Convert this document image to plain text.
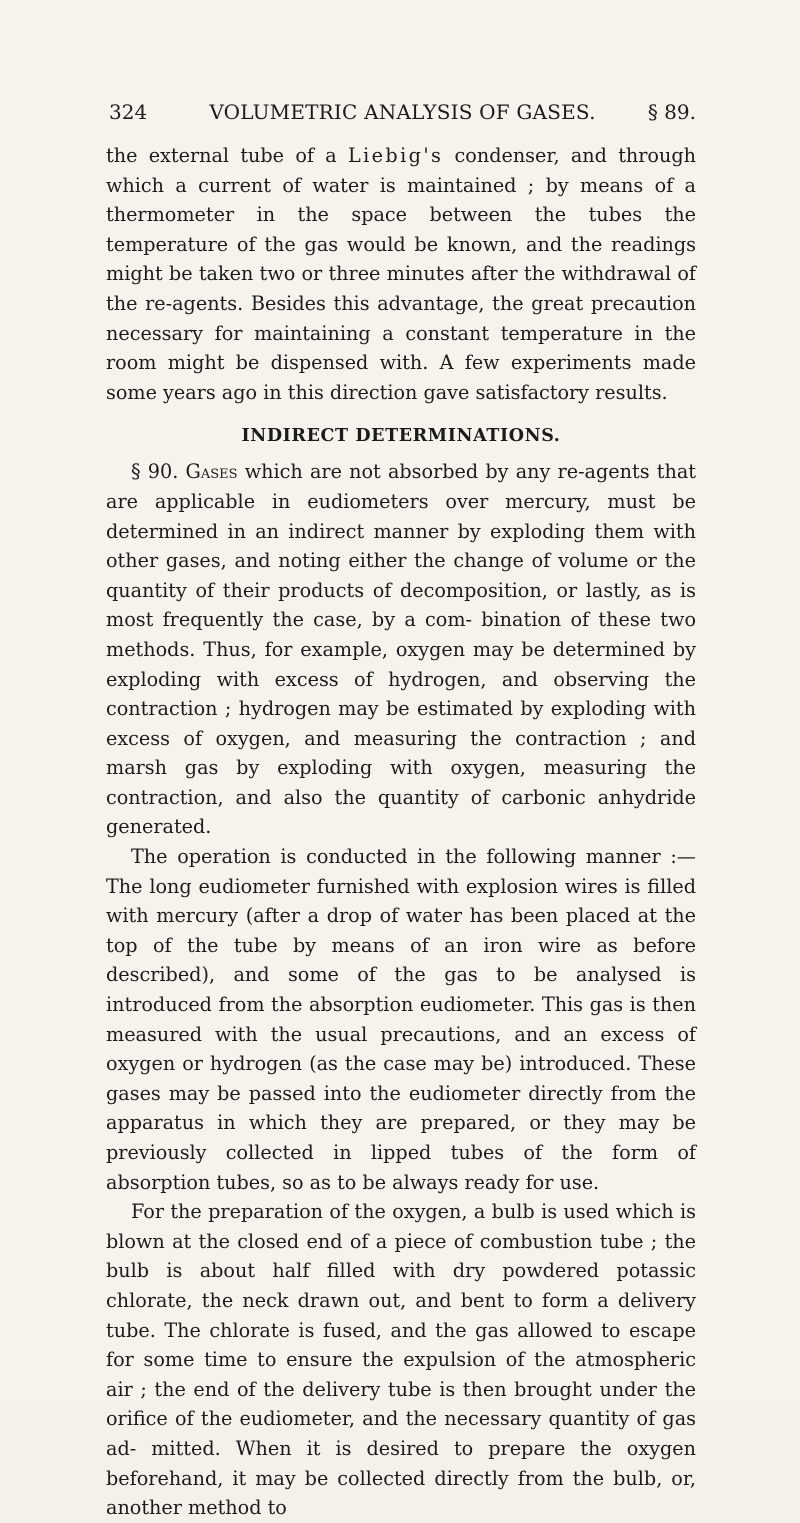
324	VOLUMETRIC ANALYSIS OF GASES.	§ 89.

the external tube of a Liebig's condenser, and through which a current of water is maintained ; by means of a thermometer in the space between the tubes the temperature of the gas would be known, and the readings might be taken two or three minutes after the withdrawal of the re-agents. Besides this advantage, the great precaution necessary for maintaining a constant temperature in the room might be dispensed with. A few experiments made some years ago in this direction gave satisfactory results.

INDIRECT DETERMINATIONS.

§ 90. Gases which are not absorbed by any re-agents that are applicable in eudiometers over mercury, must be determined in an indirect manner by exploding them with other gases, and noting either the change of volume or the quantity of their products of decomposition, or lastly, as is most frequently the case, by a com- bination of these two methods. Thus, for example, oxygen may be determined by exploding with excess of hydrogen, and observing the contraction ; hydrogen may be estimated by exploding with excess of oxygen, and measuring the contraction ; and marsh gas by exploding with oxygen, measuring the contraction, and also the quantity of carbonic anhydride generated.

The operation is conducted in the following manner :—The long eudiometer furnished with explosion wires is filled with mercury (after a drop of water has been placed at the top of the tube by means of an iron wire as before described), and some of the gas to be analysed is introduced from the absorption eudiometer. This gas is then measured with the usual precautions, and an excess of oxygen or hydrogen (as the case may be) introduced. These gases may be passed into the eudiometer directly from the apparatus in which they are prepared, or they may be previously collected in lipped tubes of the form of absorption tubes, so as to be always ready for use.

For the preparation of the oxygen, a bulb is used which is blown at the closed end of a piece of combustion tube ; the bulb is about half filled with dry powdered potassic chlorate, the neck drawn out, and bent to form a delivery tube. The chlorate is fused, and the gas allowed to escape for some time to ensure the expulsion of the atmospheric air ; the end of the delivery tube is then brought under the orifice of the eudiometer, and the necessary quantity of gas ad- mitted. When it is desired to prepare the oxygen beforehand, it may be collected directly from the bulb, or, another method to
